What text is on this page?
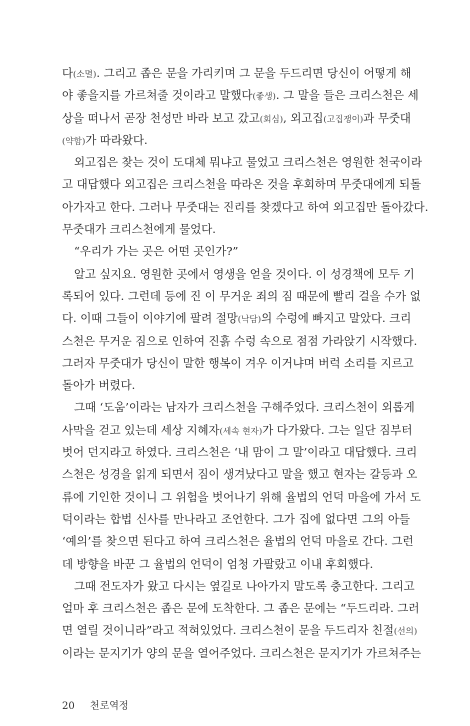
다(소멸). 그리고 좁은 문을 가리키며 그 문을 두드리면 당신이 어떻게 해
야 좋을지를 가르쳐줄 것이라고 말했다(좋생). 그 말을 들은 크리스천은 세
상을 떠나서 곧장 천성만 바라 보고 갔고(회심), 외고집(고집쟁이)과 무줏대
(약함)가 따라왔다.
외고집은 찾는 것이 도대체 뭐냐고 물었고 크리스천은 영원한 천국이라
고 대답했다 외고집은 크리스천을 따라온 것을 후회하며 무줏대에게 되돌
아가자고 한다. 그러나 무줏대는 진리를 찾겠다고 하여 외고집만 돌아갔다.
무줏대가 크리스천에게 물었다.
“우리가 가는 곳은 어떤 곳인가?”
알고 싶지요. 영원한 곳에서 영생을 얻을 것이다. 이 성경책에 모두 기
록되어 있다. 그런데 등에 진 이 무거운 죄의 짐 때문에 빨리 걸을 수가 없
다. 이때 그들이 이야기에 팔려 절망(낙담)의 수렁에 빠지고 말았다. 크리
스천은 무거운 짐으로 인하여 진흙 수렁 속으로 점점 가라앉기 시작했다.
그러자 무줏대가 당신이 말한 행복이 겨우 이거냐며 버럭 소리를 지르고
돌아가 버렸다.
그때 ‘도움’이라는 남자가 크리스천을 구해주었다. 크리스천이 외롭게
사막을 걷고 있는데 세상 지혜자(세속 현자)가 다가왔다. 그는 일단 짐부터
벗어 던지라고 하였다. 크리스천은 ‘내 맘이 그 말’이라고 대답했다. 크리
스천은 성경을 읽게 되면서 짐이 생겨났다고 말을 했고 현자는 갈등과 오
류에 기인한 것이니 그 위험을 벗어나기 위해 율법의 언덕 마을에 가서 도
덕이라는 합법 신사를 만나라고 조언한다. 그가 집에 없다면 그의 아들
‘예의’를 찾으면 된다고 하여 크리스천은 율법의 언덕 마을로 간다. 그런
데 방향을 바꾼 그 율법의 언덕이 엄청 가팔랐고 이내 후회했다.
그때 전도자가 왔고 다시는 옆길로 나아가지 말도록 충고한다. 그리고
얼마 후 크리스천은 좁은 문에 도착한다. 그 좁은 문에는 “두드리라. 그러
면 열릴 것이니라”라고 적혀있었다. 크리스천이 문을 두드리자 친절(선의)
이라는 문지기가 양의 문을 열어주었다. 크리스천은 문지기가 가르쳐주는
20 천로역정
